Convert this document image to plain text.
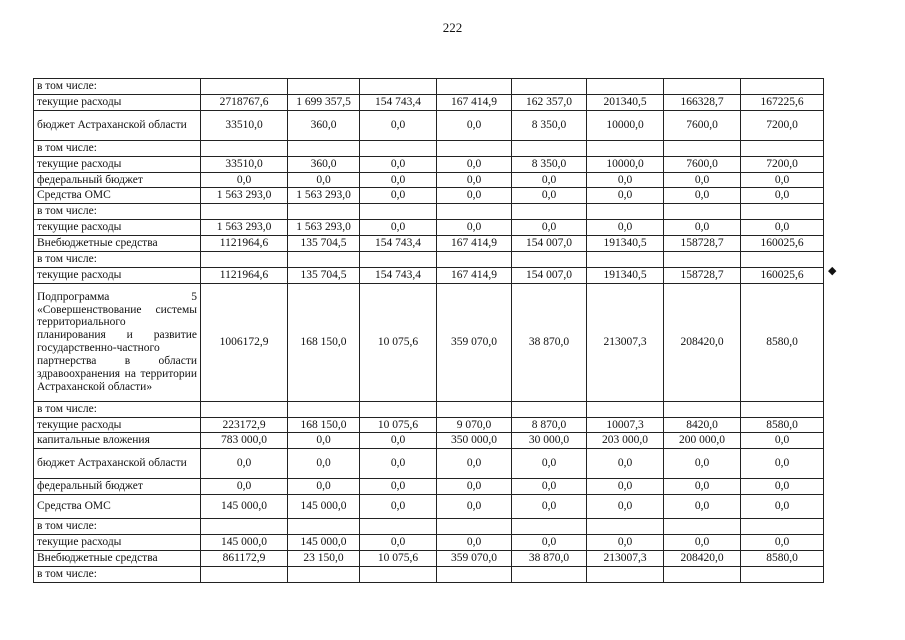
222
в том числе:								
текущие расходы	2718767,6	1 699 357,5	154 743,4	167 414,9	162 357,0	201340,5	166328,7	167225,6
бюджет Астраханской области	33510,0	360,0	0,0	0,0	8 350,0	10000,0	7600,0	7200,0
в том числе:								
текущие расходы	33510,0	360,0	0,0	0,0	8 350,0	10000,0	7600,0	7200,0
федеральный бюджет	0,0	0,0	0,0	0,0	0,0	0,0	0,0	0,0
Средства ОМС	1 563 293,0	1 563 293,0	0,0	0,0	0,0	0,0	0,0	0,0
в том числе:								
текущие расходы	1 563 293,0	1 563 293,0	0,0	0,0	0,0	0,0	0,0	0,0
Внебюджетные средства	1121964,6	135 704,5	154 743,4	167 414,9	154 007,0	191340,5	158728,7	160025,6
в том числе:								
текущие расходы	1121964,6	135 704,5	154 743,4	167 414,9	154 007,0	191340,5	158728,7	160025,6
Подпрограмма 5 «Совершенствование системы территориального планирования и развитие государственно-частного партнерства в области здравоохранения на территории Астраханской области»	1006172,9	168 150,0	10 075,6	359 070,0	38 870,0	213007,3	208420,0	8580,0
в том числе:								
текущие расходы	223172,9	168 150,0	10 075,6	9 070,0	8 870,0	10007,3	8420,0	8580,0
капитальные вложения	783 000,0	0,0	0,0	350 000,0	30 000,0	203 000,0	200 000,0	0,0
бюджет Астраханской области	0,0	0,0	0,0	0,0	0,0	0,0	0,0	0,0
федеральный бюджет	0,0	0,0	0,0	0,0	0,0	0,0	0,0	0,0
Средства ОМС	145 000,0	145 000,0	0,0	0,0	0,0	0,0	0,0	0,0
в том числе:								
текущие расходы	145 000,0	145 000,0	0,0	0,0	0,0	0,0	0,0	0,0
Внебюджетные средства	861172,9	23 150,0	10 075,6	359 070,0	38 870,0	213007,3	208420,0	8580,0
в том числе:								
◆
